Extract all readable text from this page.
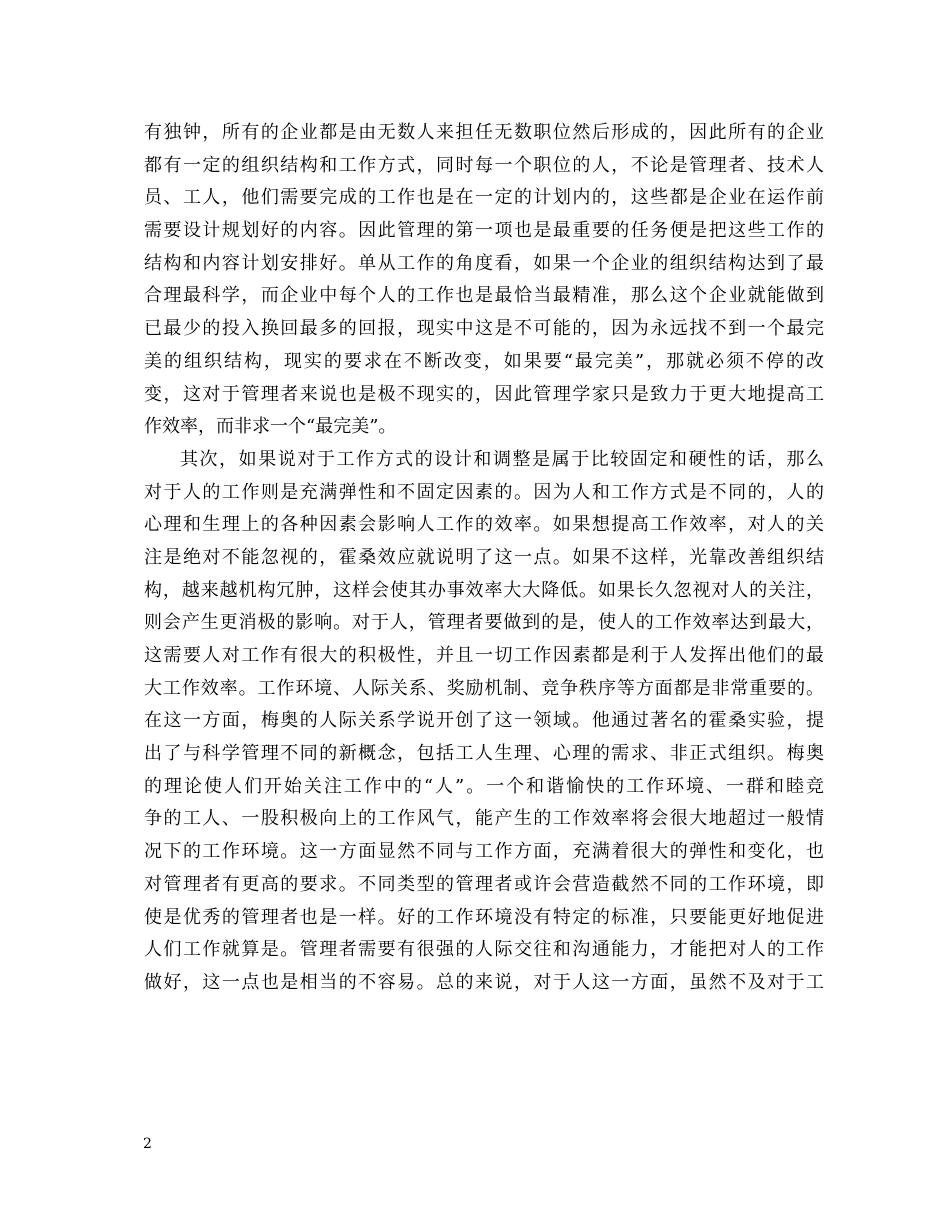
有独钟，所有的企业都是由无数人来担任无数职位然后形成的，因此所有的企业
都有一定的组织结构和工作方式，同时每一个职位的人，不论是管理者、技术人
员、工人，他们需要完成的工作也是在一定的计划内的，这些都是企业在运作前
需要设计规划好的内容。因此管理的第一项也是最重要的任务便是把这些工作的
结构和内容计划安排好。单从工作的角度看，如果一个企业的组织结构达到了最
合理最科学，而企业中每个人的工作也是最恰当最精准，那么这个企业就能做到
已最少的投入换回最多的回报，现实中这是不可能的，因为永远找不到一个最完
美的组织结构，现实的要求在不断改变，如果要“最完美”，那就必须不停的改
变，这对于管理者来说也是极不现实的，因此管理学家只是致力于更大地提高工
作效率，而非求一个“最完美”。
其次，如果说对于工作方式的设计和调整是属于比较固定和硬性的话，那么
对于人的工作则是充满弹性和不固定因素的。因为人和工作方式是不同的，人的
心理和生理上的各种因素会影响人工作的效率。如果想提高工作效率，对人的关
注是绝对不能忽视的，霍桑效应就说明了这一点。如果不这样，光靠改善组织结
构，越来越机构冗肿，这样会使其办事效率大大降低。如果长久忽视对人的关注，
则会产生更消极的影响。对于人，管理者要做到的是，使人的工作效率达到最大，
这需要人对工作有很大的积极性，并且一切工作因素都是利于人发挥出他们的最
大工作效率。工作环境、人际关系、奖励机制、竞争秩序等方面都是非常重要的。
在这一方面，梅奥的人际关系学说开创了这一领域。他通过著名的霍桑实验，提
出了与科学管理不同的新概念，包括工人生理、心理的需求、非正式组织。梅奥
的理论使人们开始关注工作中的“人”。一个和谐愉快的工作环境、一群和睦竞
争的工人、一股积极向上的工作风气，能产生的工作效率将会很大地超过一般情
况下的工作环境。这一方面显然不同与工作方面，充满着很大的弹性和变化，也
对管理者有更高的要求。不同类型的管理者或许会营造截然不同的工作环境，即
使是优秀的管理者也是一样。好的工作环境没有特定的标准，只要能更好地促进
人们工作就算是。管理者需要有很强的人际交往和沟通能力，才能把对人的工作
做好，这一点也是相当的不容易。总的来说，对于人这一方面，虽然不及对于工
2
